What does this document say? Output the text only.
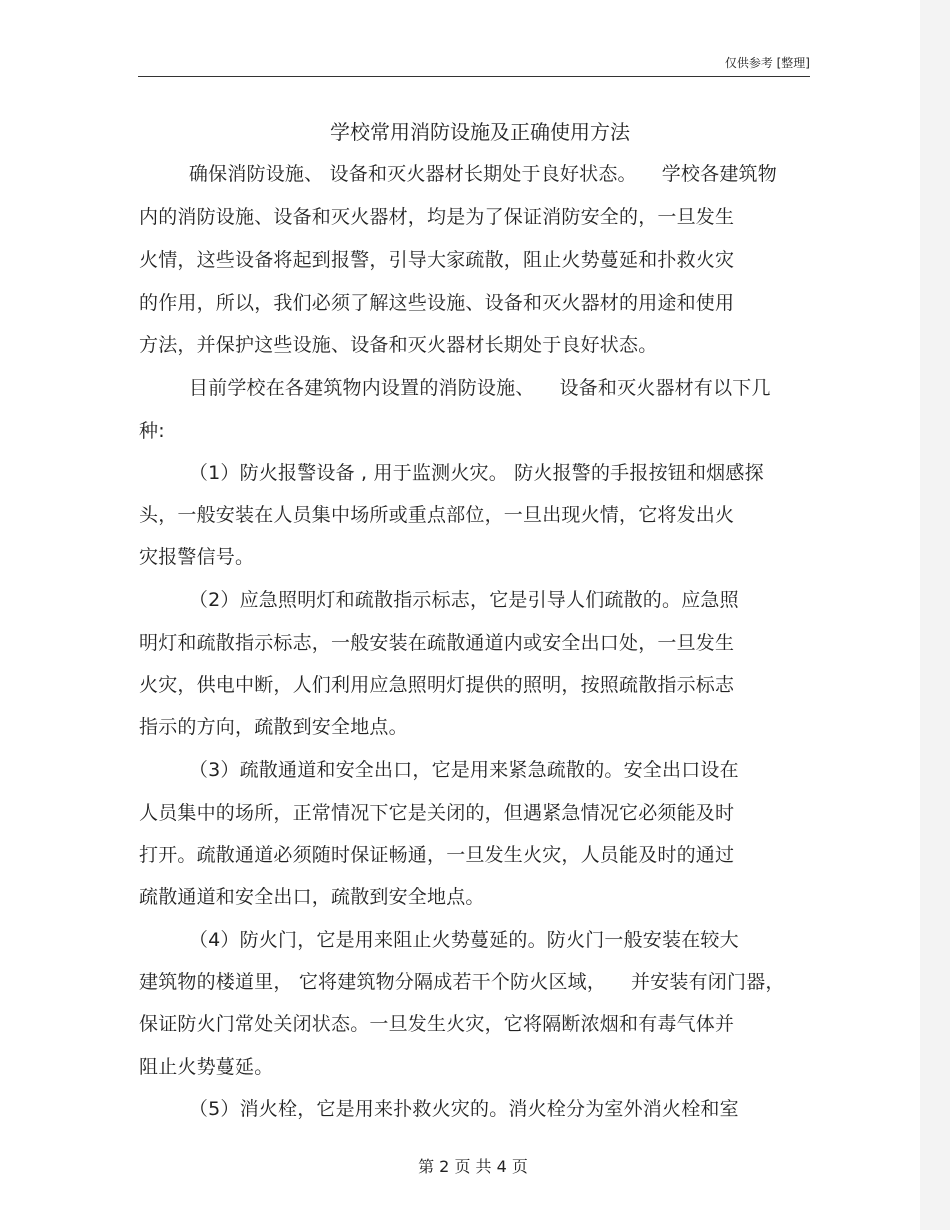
仅供参考 [整理]
学校常用消防设施及正确使用方法
确保消防设施、 设备和灭火器材长期处于良好状态。    学校各建筑物
内的消防设施、设备和灭火器材，均是为了保证消防安全的，一旦发生
火情，这些设备将起到报警，引导大家疏散，阻止火势蔓延和扑救火灾
的作用，所以，我们必须了解这些设施、设备和灭火器材的用途和使用
方法，并保护这些设施、设备和灭火器材长期处于良好状态。
目前学校在各建筑物内设置的消防设施、    设备和灭火器材有以下几
种:
（1）防火报警设备 , 用于监测火灾。 防火报警的手报按钮和烟感探
头，一般安装在人员集中场所或重点部位，一旦出现火情，它将发出火
灾报警信号。
（2）应急照明灯和疏散指示标志，它是引导人们疏散的。应急照
明灯和疏散指示标志，一般安装在疏散通道内或安全出口处，一旦发生
火灾，供电中断，人们利用应急照明灯提供的照明，按照疏散指示标志
指示的方向，疏散到安全地点。
（3）疏散通道和安全出口，它是用来紧急疏散的。安全出口设在
人员集中的场所，正常情况下它是关闭的，但遇紧急情况它必须能及时
打开。疏散通道必须随时保证畅通，一旦发生火灾，人员能及时的通过
疏散通道和安全出口，疏散到安全地点。
（4）防火门，它是用来阻止火势蔓延的。防火门一般安装在较大
建筑物的楼道里， 它将建筑物分隔成若干个防火区域，    并安装有闭门器，
保证防火门常处关闭状态。一旦发生火灾，它将隔断浓烟和有毒气体并
阻止火势蔓延。
（5）消火栓，它是用来扑救火灾的。消火栓分为室外消火栓和室
第 2 页 共 4 页
